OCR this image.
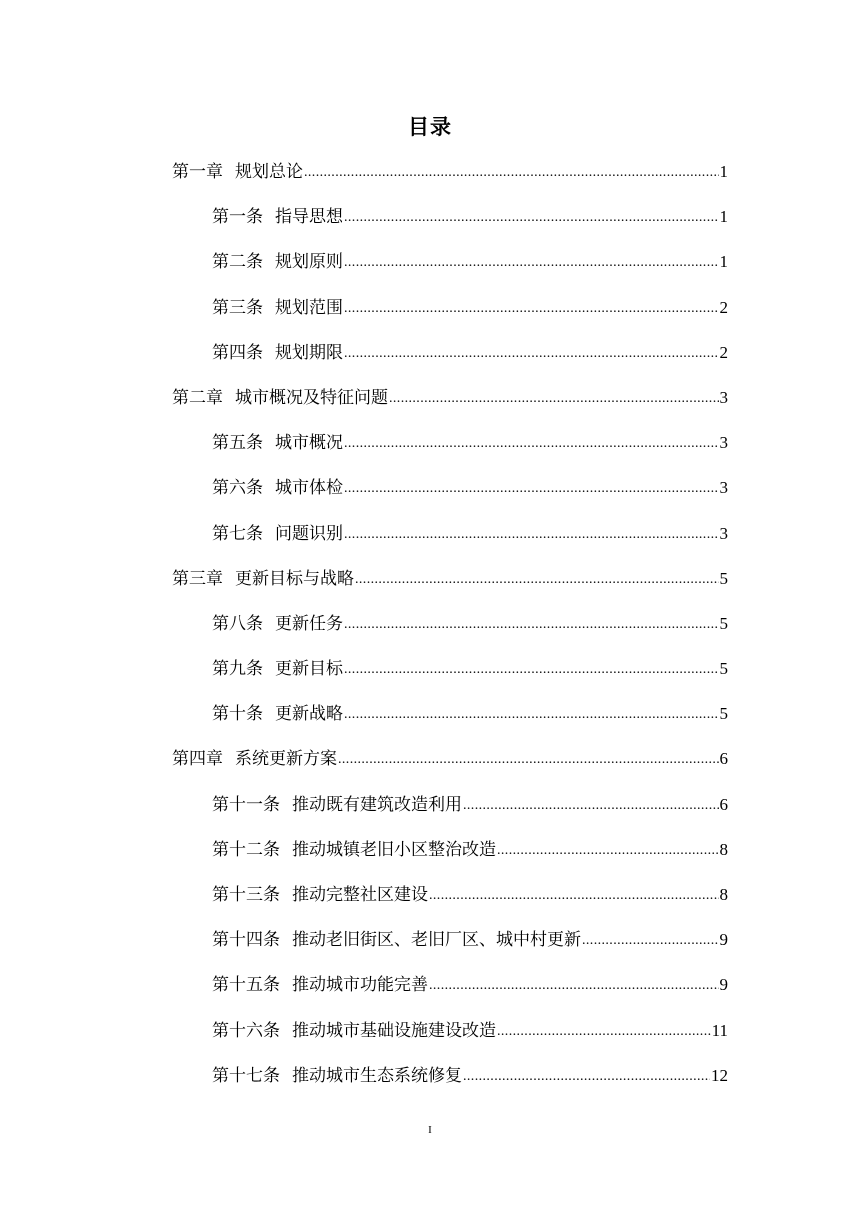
目录
第一章 规划总论 .....	1
第一条 指导思想 .....	1
第二条 规划原则 .....	1
第三条 规划范围 .....	2
第四条 规划期限 .....	2
第二章 城市概况及特征问题 .....	3
第五条 城市概况 .....	3
第六条 城市体检 .....	3
第七条 问题识别 .....	3
第三章 更新目标与战略 .....	5
第八条 更新任务 .....	5
第九条 更新目标 .....	5
第十条 更新战略 .....	5
第四章 系统更新方案 .....	6
第十一条 推动既有建筑改造利用 .....	6
第十二条 推动城镇老旧小区整治改造 .....	8
第十三条 推动完整社区建设 .....	8
第十四条 推动老旧街区、老旧厂区、城中村更新 .....	9
第十五条 推动城市功能完善 .....	9
第十六条 推动城市基础设施建设改造 .....	11
第十七条 推动城市生态系统修复 .....	12
I
